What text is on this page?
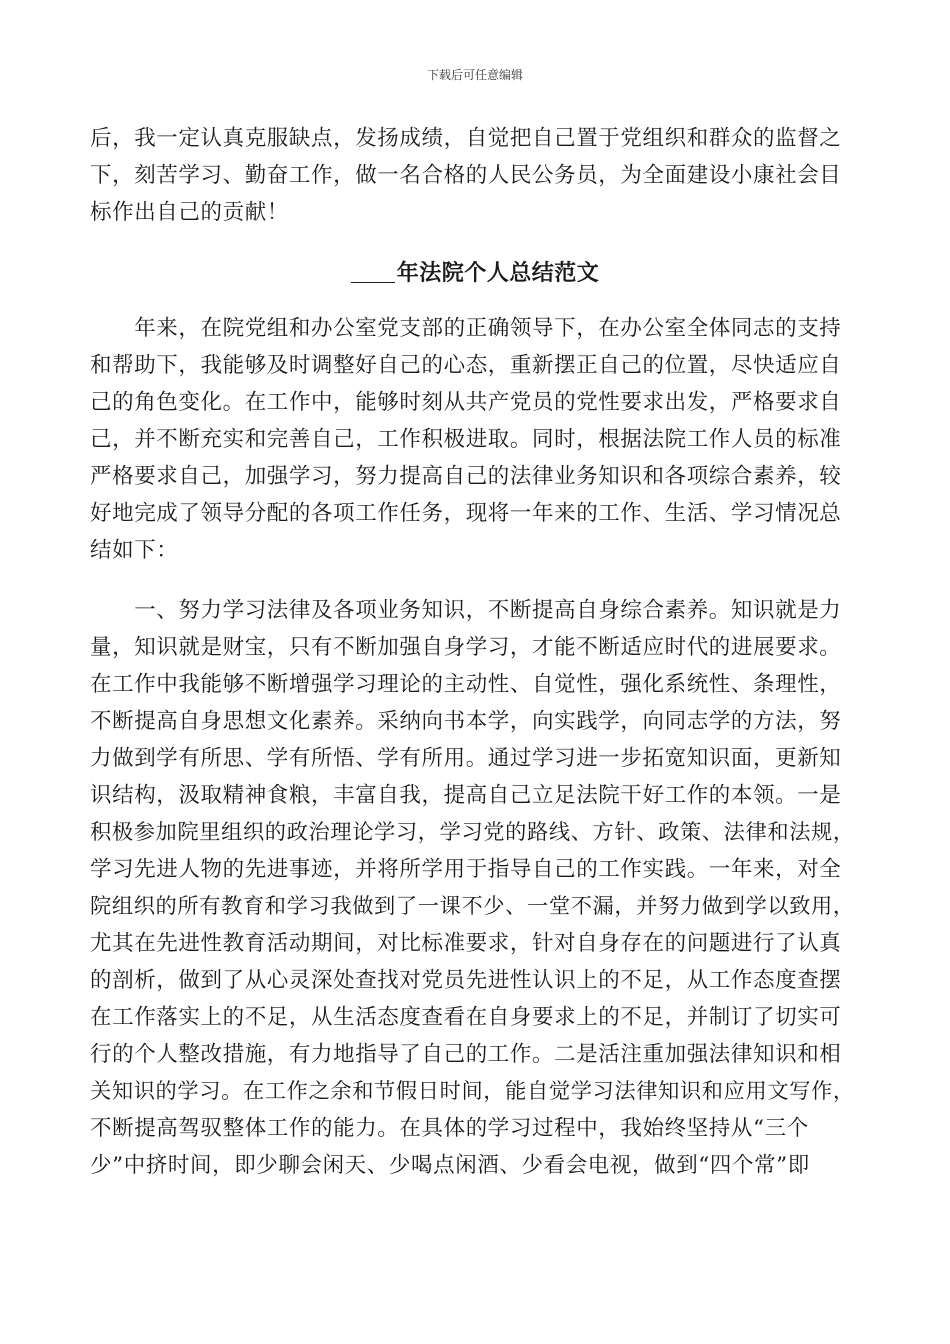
下载后可任意编辑
后，我一定认真克服缺点，发扬成绩，自觉把自己置于党组织和群众的监督之
下，刻苦学习、勤奋工作，做一名合格的人民公务员，为全面建设小康社会目
标作出自己的贡献！
年法院个人总结范文
　　年来，在院党组和办公室党支部的正确领导下，在办公室全体同志的支持
和帮助下，我能够及时调整好自己的心态，重新摆正自己的位置，尽快适应自
己的角色变化。在工作中，能够时刻从共产党员的党性要求出发，严格要求自
己，并不断充实和完善自己，工作积极进取。同时，根据法院工作人员的标准
严格要求自己，加强学习，努力提高自己的法律业务知识和各项综合素养，较
好地完成了领导分配的各项工作任务，现将一年来的工作、生活、学习情况总
结如下：
　　一、努力学习法律及各项业务知识，不断提高自身综合素养。知识就是力
量，知识就是财宝，只有不断加强自身学习，才能不断适应时代的进展要求。
在工作中我能够不断增强学习理论的主动性、自觉性，强化系统性、条理性，
不断提高自身思想文化素养。采纳向书本学，向实践学，向同志学的方法，努
力做到学有所思、学有所悟、学有所用。通过学习进一步拓宽知识面，更新知
识结构，汲取精神食粮，丰富自我，提高自己立足法院干好工作的本领。一是
积极参加院里组织的政治理论学习，学习党的路线、方针、政策、法律和法规，
学习先进人物的先进事迹，并将所学用于指导自己的工作实践。一年来，对全
院组织的所有教育和学习我做到了一课不少、一堂不漏，并努力做到学以致用，
尤其在先进性教育活动期间，对比标准要求，针对自身存在的问题进行了认真
的剖析，做到了从心灵深处查找对党员先进性认识上的不足，从工作态度查摆
在工作落实上的不足，从生活态度查看在自身要求上的不足，并制订了切实可
行的个人整改措施，有力地指导了自己的工作。二是活注重加强法律知识和相
关知识的学习。在工作之余和节假日时间，能自觉学习法律知识和应用文写作，
不断提高驾驭整体工作的能力。在具体的学习过程中，我始终坚持从“三个
少”中挤时间，即少聊会闲天、少喝点闲酒、少看会电视，做到“四个常”即
